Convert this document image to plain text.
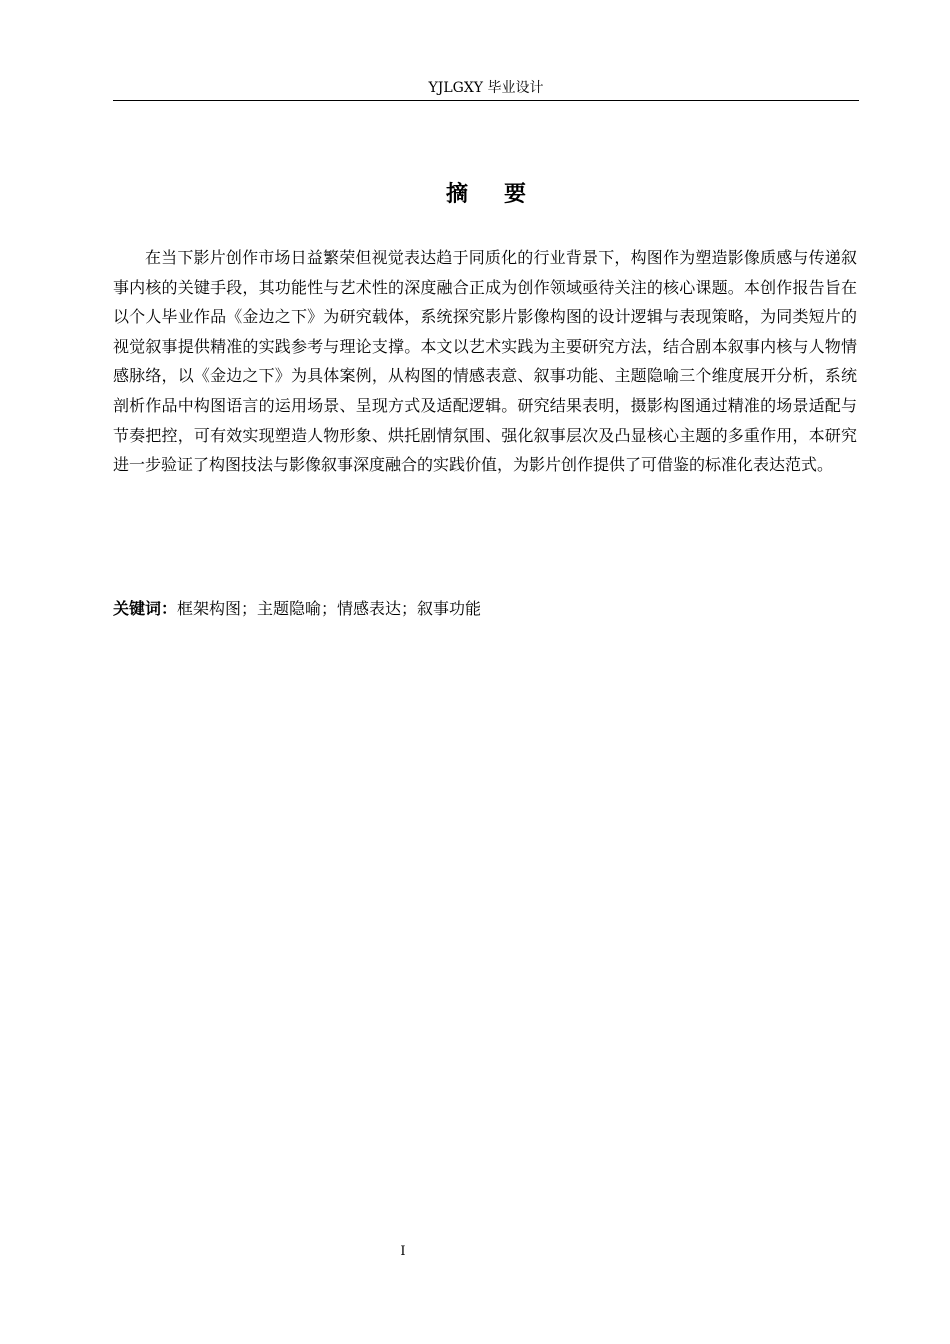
YJLGXY 毕业设计
摘要

在当下影片创作市场日益繁荣但视觉表达趋于同质化的行业背景下，构图作为塑造影像质感与传递叙事内核的关键手段，其功能性与艺术性的深度融合正成为创作领域亟待关注的核心课题。本创作报告旨在以个人毕业作品《金边之下》为研究载体，系统探究影片影像构图的设计逻辑与表现策略，为同类短片的视觉叙事提供精准的实践参考与理论支撑。本文以艺术实践为主要研究方法，结合剧本叙事内核与人物情感脉络，以《金边之下》为具体案例，从构图的情感表意、叙事功能、主题隐喻三个维度展开分析，系统剖析作品中构图语言的运用场景、呈现方式及适配逻辑。研究结果表明，摄影构图通过精准的场景适配与节奏把控，可有效实现塑造人物形象、烘托剧情氛围、强化叙事层次及凸显核心主题的多重作用，本研究进一步验证了构图技法与影像叙事深度融合的实践价值，为影片创作提供了可借鉴的标准化表达范式。

关键词：框架构图；主题隐喻；情感表达；叙事功能

I
